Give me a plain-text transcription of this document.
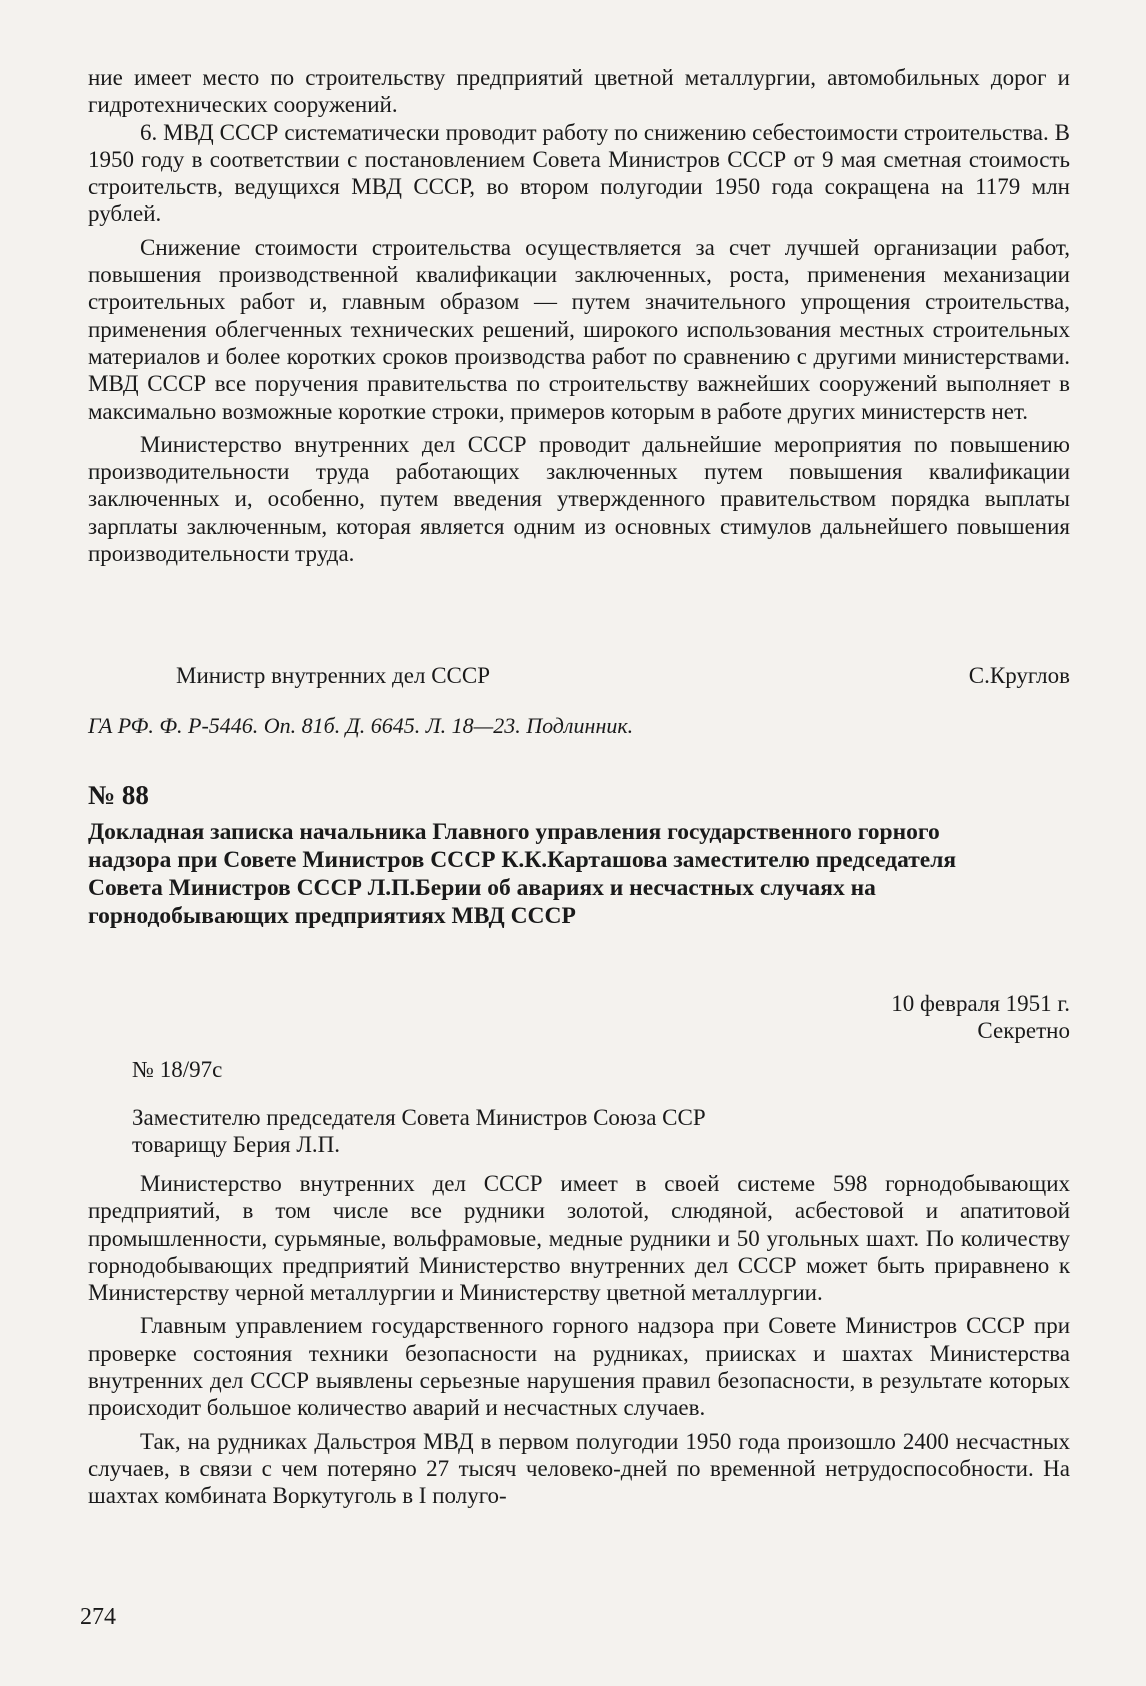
ние имеет место по строительству предприятий цветной металлургии, автомобильных дорог и гидротехнических сооружений.

6. МВД СССР систематически проводит работу по снижению себестоимости строительства. В 1950 году в соответствии с постановлением Совета Министров СССР от 9 мая сметная стоимость строительств, ведущихся МВД СССР, во втором полугодии 1950 года сокращена на 1179 млн рублей.

Снижение стоимости строительства осуществляется за счет лучшей организации работ, повышения производственной квалификации заключенных, роста, применения механизации строительных работ и, главным образом — путем значительного упрощения строительства, применения облегченных технических решений, широкого использования местных строительных материалов и более коротких сроков производства работ по сравнению с другими министерствами. МВД СССР все поручения правительства по строительству важнейших сооружений выполняет в максимально возможные короткие строки, примеров которым в работе других министерств нет.

Министерство внутренних дел СССР проводит дальнейшие мероприятия по повышению производительности труда работающих заключенных путем повышения квалификации заключенных и, особенно, путем введения утвержденного правительством порядка выплаты зарплаты заключенным, которая является одним из основных стимулов дальнейшего повышения производительности труда.

Министр внутренних дел СССР	С.Круглов

ГА РФ. Ф. Р-5446. Оп. 81б. Д. 6645. Л. 18—23. Подлинник.

№ 88

Докладная записка начальника Главного управления государственного горного надзора при Совете Министров СССР К.К.Карташова заместителю председателя Совета Министров СССР Л.П.Берии об авариях и несчастных случаях на горнодобывающих предприятиях МВД СССР

10 февраля 1951 г.

Секретно

№ 18/97с

Заместителю председателя Совета Министров Союза ССР

товарищу Берия Л.П.

Министерство внутренних дел СССР имеет в своей системе 598 горнодобывающих предприятий, в том числе все рудники золотой, слюдяной, асбестовой и апатитовой промышленности, сурьмяные, вольфрамовые, медные рудники и 50 угольных шахт. По количеству горнодобывающих предприятий Министерство внутренних дел СССР может быть приравнено к Министерству черной металлургии и Министерству цветной металлургии.

Главным управлением государственного горного надзора при Совете Министров СССР при проверке состояния техники безопасности на рудниках, приисках и шахтах Министерства внутренних дел СССР выявлены серьезные нарушения правил безопасности, в результате которых происходит большое количество аварий и несчастных случаев.

Так, на рудниках Дальстроя МВД в первом полугодии 1950 года произошло 2400 несчастных случаев, в связи с чем потеряно 27 тысяч человеко-дней по временной нетрудоспособности. На шахтах комбината Воркутуголь в I полуго-

274
